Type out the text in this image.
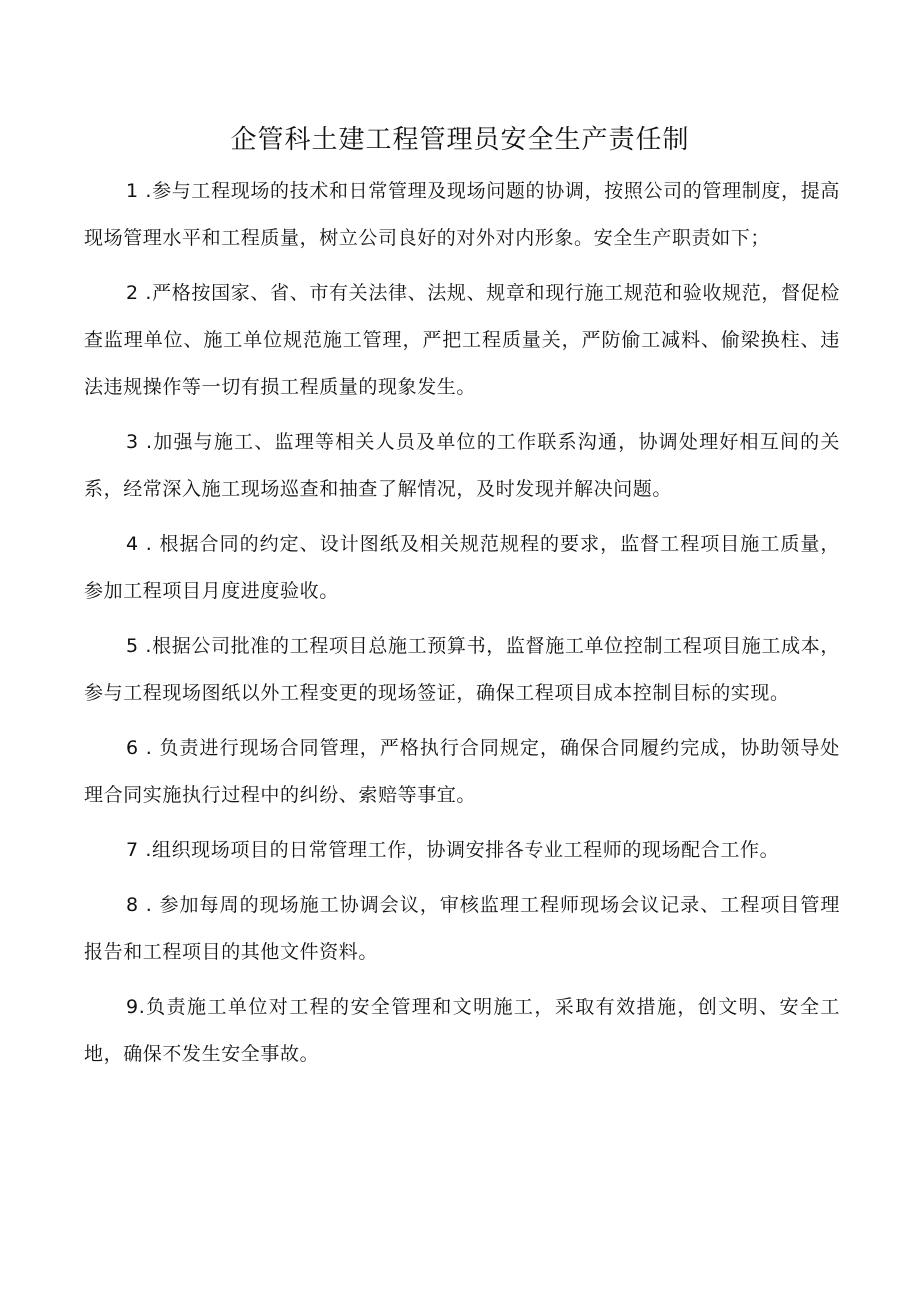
企管科土建工程管理员安全生产责任制

1 .参与工程现场的技术和日常管理及现场问题的协调，按照公司的管理制度，提高现场管理水平和工程质量，树立公司良好的对外对内形象。安全生产职责如下；

2 .严格按国家、省、市有关法律、法规、规章和现行施工规范和验收规范，督促检查监理单位、施工单位规范施工管理，严把工程质量关，严防偷工减料、偷梁换柱、违法违规操作等一切有损工程质量的现象发生。

3 .加强与施工、监理等相关人员及单位的工作联系沟通，协调处理好相互间的关系，经常深入施工现场巡查和抽查了解情况，及时发现并解决问题。

4 . 根据合同的约定、设计图纸及相关规范规程的要求，监督工程项目施工质量，参加工程项目月度进度验收。

5 .根据公司批准的工程项目总施工预算书，监督施工单位控制工程项目施工成本，参与工程现场图纸以外工程变更的现场签证，确保工程项目成本控制目标的实现。

6 . 负责进行现场合同管理，严格执行合同规定，确保合同履约完成，协助领导处理合同实施执行过程中的纠纷、索赔等事宜。

7 .组织现场项目的日常管理工作，协调安排各专业工程师的现场配合工作。

8 . 参加每周的现场施工协调会议，审核监理工程师现场会议记录、工程项目管理报告和工程项目的其他文件资料。

9.负责施工单位对工程的安全管理和文明施工，采取有效措施，创文明、安全工地，确保不发生安全事故。
